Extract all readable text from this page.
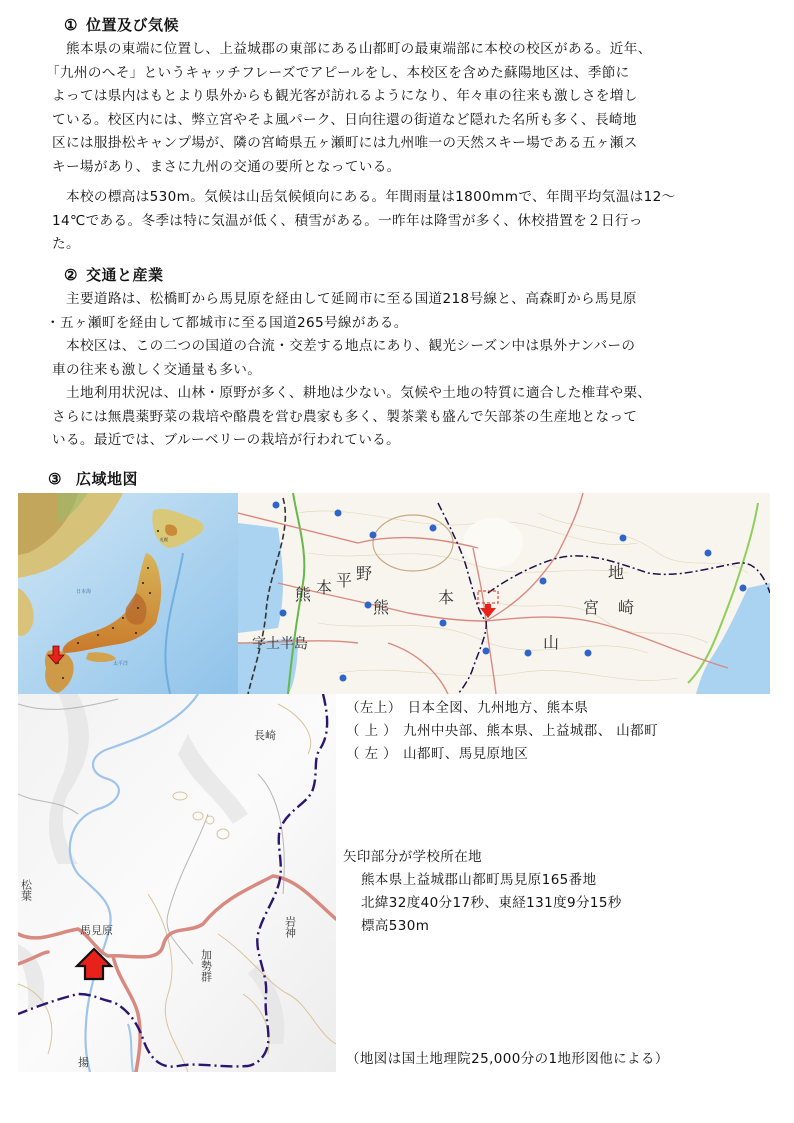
① 位置及び気候
熊本県の東端に位置し、上益城郡の東部にある山都町の最東端部に本校の校区がある。近年、
「九州のへそ」というキャッチフレーズでアピールをし、本校区を含めた蘇陽地区は、季節に
よっては県内はもとより県外からも観光客が訪れるようになり、年々車の往来も激しさを増し
ている。校区内には、弊立宮やそよ風パーク、日向往還の街道など隠れた名所も多く、長崎地
区には服掛松キャンプ場が、隣の宮崎県五ヶ瀬町には九州唯一の天然スキー場である五ヶ瀬ス
キー場があり、まさに九州の交通の要所となっている。
本校の標高は530m。気候は山岳気候傾向にある。年間雨量は1800mmで、年間平均気温は12～
14℃である。冬季は特に気温が低く、積雪がある。一昨年は降雪が多く、休校措置を２日行っ
た。
② 交通と産業
主要道路は、松橋町から馬見原を経由して延岡市に至る国道218号線と、高森町から馬見原
・五ヶ瀬町を経由して都城市に至る国道265号線がある。
本校区は、この二つの国道の合流・交差する地点にあり、観光シーズン中は県外ナンバーの
車の往来も激しく交通量も多い。
土地利用状況は、山林・原野が多く、耕地は少ない。気候や土地の特質に適合した椎茸や栗、
さらには無農薬野菜の栽培や酪農を営む農家も多く、製茶業も盛んで矢部茶の生産地となって
いる。最近では、ブルーベリーの栽培が行われている。
③ 広域地図
日本海
太平洋
札幌
熊 本 平 野
宇土半島
熊
本
宮 崎
山
地
長崎
松葉
馬見原	岩神
加勢群
揚
（左上） 日本全図、九州地方、熊本県
（ 上 ） 九州中央部、熊本県、上益城郡、 山都町
（ 左 ） 山都町、馬見原地区
矢印部分が学校所在地
熊本県上益城郡山都町馬見原165番地
北緯32度40分17秒、東経131度9分15秒
標高530m
（地図は国土地理院25,000分の1地形図他による）
